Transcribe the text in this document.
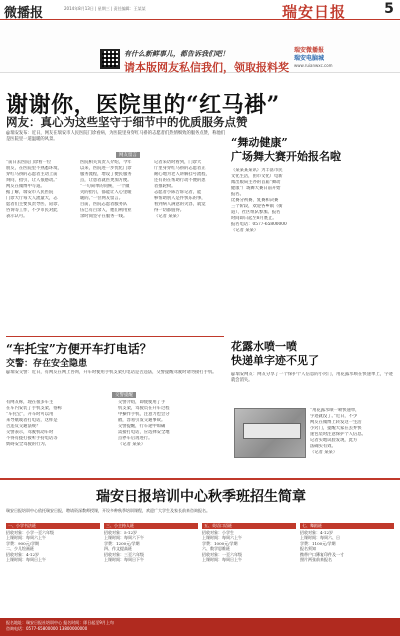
微播报	2014年8月13日 | 星期三 | 责任编辑：王某某	瑞安日报	5
有什么新鲜事儿，都告诉我们吧！
请本版网友私信我们，领取报料奖
瑞安微播报
瑞安电脑城
www.ruianwxc.com
谢谢你，医院里的“红马褂”
网友：真心为这些坚守于细节中的优质服务点赞
@瑞安发布：近日，网友在瑞安市人民医院门诊看病，为医院里身穿红马褂的志愿者们热情细致的服务点赞，称他们是医院里一道温暖的风景。
网友留言
“前日去医院门诊看一位
朋友，在医院里不熟悉环境，
穿红马褂的志愿者主动上前
询问、指引，让人很感动。”
网友在微博中写道。
据了解，瑞安市人民医院
门诊大厅每天人流量大，志
愿者们主要负责导医、陪诊、
咨询等工作，不少市民对此
表示认可。
医院相关负责人介绍，今年
以来，医院进一步优化门诊
服务流程，增设了便民服务
点，让患者就医更加方便。
“一句简单的问候，一个微
笑的指引，都能让人心里暖
暖的。”一位网友留言。
目前，医院志愿者服务队
伍已有百余人，他们利用业
余时间坚守在服务一线。
记者采访时看到，门诊大
厅里身穿红马褂的志愿者正
耐心地为老人讲解挂号流程，
还有的在帮助行动不便的患
者推轮椅。
志愿者小陈告诉记者，能
够帮助别人是件快乐的事，
看到病人满意的笑容，就觉
得一切都值得。
（记者 某某）
“舞动健康”
广场舞大赛开始报名啦
（某某某某讯）为丰富市民
文化生活，由市文化广电新
闻出版局主办的首届“舞动
健康”广场舞大赛日前开始
报名。
比赛分初赛、复赛和决赛
三个阶段，欢迎各乡镇（街
道）、社区组队参加。报名
时间即日起至8月底止。
报名电话：0577-65800000
（记者 某某）
花露水喷一喷
快递单字迹不见了
@瑞安网友：网友分享了一个保护个人信息的小窍门，用花露水喷在快递单上，字迹就会消失。
“用花露水喷一喷快递单，
字迹就没了。”近日，不少
网友在微博上转发这一生活
小窍门，提醒大家在丢弃快
递包装时注意保护个人信息。
记者实地试验发现，此方
法确实有效。
（记者 某某）
“车托宝”方便开车打电话？
交警：存在安全隐患
@瑞安交警：近日，有网友在网上咨询，开车时使用手机支架打电话是否违法，交警提醒驾驶时请勿接打手机。
交警提醒
有网友称，现在很多车主
在车内安装了手机支架，俗称
“车托宝”，开车时可以用
来导航或者打电话，这样是
否违反交通法规？
交警表示，驾驶机动车时
不得有拨打接听手持电话等
妨碍安全驾驶的行为。
交警介绍，即使使用了手
机支架，驾驶员在开车过程
中操作手机，注意力也会分
散，容易引发交通事故。
交警提醒，行车途中如确
需接打电话，应选择安全地
点停车后再进行。
（记者 某某）
瑞安日报培训中心秋季班招生简章
瑞安日报培训中心依托瑞安日报，聘请资深教师授课，开设多种秋季培训课程，欢迎广大学生及家长前来咨询报名。
一、小学书法班
招收对象：小学一至六年级
上课时间：每周六上午
学费：900元/学期
二、少儿绘画班
招收对象：4-12岁
上课时间：每周日上午
三、小主持人班
招收对象：5-12岁
上课时间：每周六下午
学费：1200元/学期
四、作文提高班
招收对象：三至六年级
上课时间：每周日下午
五、英语口语班
招收对象：小学生
上课时间：每周六上午
学费：1000元/学期
六、数学思维班
招收对象：一至六年级
上课时间：每周日上午
七、舞蹈班
招收对象：4-12岁
上课时间：每周六、日
学费：1100元/学期
报名须知
携带户口簿复印件及一寸
照片两张前来报名
报名地址：瑞安日报社培训中心 报名时间：即日起至9月上旬
咨询电话：0577-65800000 13800000000
